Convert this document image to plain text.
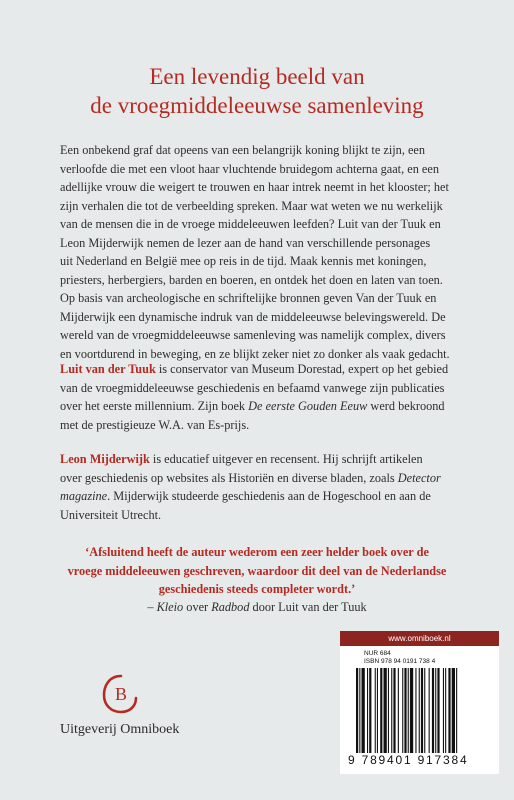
Een levendig beeld van
de vroegmiddeleeuwse samenleving

Een onbekend graf dat opeens van een belangrijk koning blijkt te zijn, een
verloofde die met een vloot haar vluchtende bruidegom achterna gaat, en een
adellijke vrouw die weigert te trouwen en haar intrek neemt in het klooster; het
zijn verhalen die tot de verbeelding spreken. Maar wat weten we nu werkelijk
van de mensen die in de vroege middeleeuwen leefden? Luit van der Tuuk en
Leon Mijderwijk nemen de lezer aan de hand van verschillende personages
uit Nederland en België mee op reis in de tijd. Maak kennis met koningen,
priesters, herbergiers, barden en boeren, en ontdek het doen en laten van toen.
Op basis van archeologische en schriftelijke bronnen geven Van der Tuuk en
Mijderwijk een dynamische indruk van de middeleeuwse belevingswereld. De
wereld van de vroegmiddeleeuwse samenleving was namelijk complex, divers
en voortdurend in beweging, en ze blijkt zeker niet zo donker als vaak gedacht.

Luit van der Tuuk is conservator van Museum Dorestad, expert op het gebied
van de vroegmiddeleeuwse geschiedenis en befaamd vanwege zijn publicaties
over het eerste millennium. Zijn boek De eerste Gouden Eeuw werd bekroond
met de prestigieuze W.A. van Es-prijs.

Leon Mijderwijk is educatief uitgever en recensent. Hij schrijft artikelen
over geschiedenis op websites als Historiën en diverse bladen, zoals Detector
magazine. Mijderwijk studeerde geschiedenis aan de Hogeschool en aan de
Universiteit Utrecht.

‘Afsluitend heeft de auteur wederom een zeer helder boek over de
vroege middeleeuwen geschreven, waardoor dit deel van de Nederlandse
geschiedenis steeds completer wordt.’
– Kleio over Radbod door Luit van der Tuuk
B
Uitgeverij Omniboek
www.omniboek.nl
NUR 684
ISBN 978 94 0191 738 4
9 789401 917384
